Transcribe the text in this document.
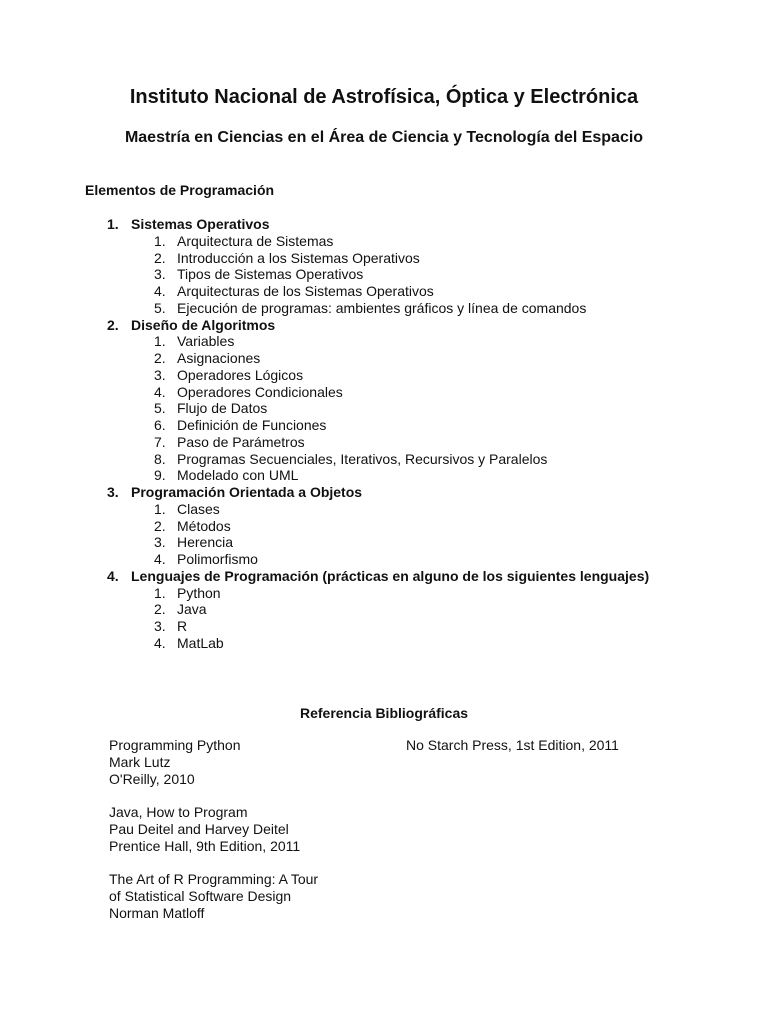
Instituto Nacional de Astrofísica, Óptica y Electrónica
Maestría en Ciencias en el Área de Ciencia y Tecnología del Espacio
Elementos de Programación
1. Sistemas Operativos
1. Arquitectura de Sistemas
2. Introducción a los Sistemas Operativos
3. Tipos de Sistemas Operativos
4. Arquitecturas de los Sistemas Operativos
5. Ejecución de programas: ambientes gráficos y línea de comandos
2. Diseño de Algoritmos
1. Variables
2. Asignaciones
3. Operadores Lógicos
4. Operadores Condicionales
5. Flujo de Datos
6. Definición de Funciones
7. Paso de Parámetros
8. Programas Secuenciales, Iterativos, Recursivos y Paralelos
9. Modelado con UML
3. Programación Orientada a Objetos
1. Clases
2. Métodos
3. Herencia
4. Polimorfismo
4. Lenguajes de Programación (prácticas en alguno de los siguientes lenguajes)
1. Python
2. Java
3. R
4. MatLab
Referencia Bibliográficas
Programming Python
Mark Lutz
O'Reilly, 2010
Java, How to Program
Pau Deitel and Harvey Deitel
Prentice Hall, 9th Edition, 2011
The Art of R Programming: A Tour
of Statistical Software Design
Norman Matloff
No Starch Press, 1st Edition, 2011
